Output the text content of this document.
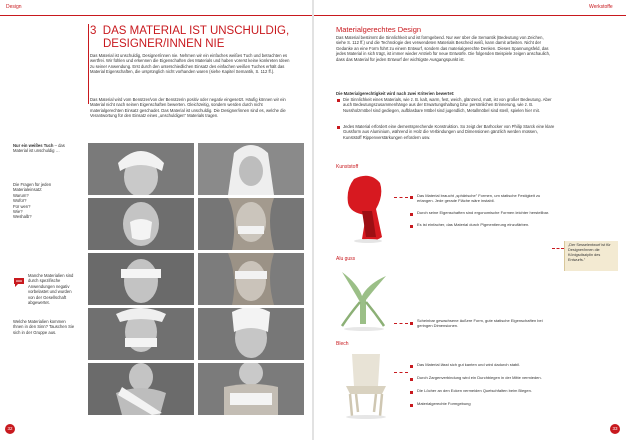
Design
3 DAS MATERIAL IST UNSCHULDIG,
DESIGNER/INNEN NIE
Das Material ist unschuldig, Designer/innen nie. Nehmen wir ein einfaches weißes Tuch und betrachten es wertfrei. Wir fühlen und erkennen die Eigenschaften des Materials und haben vorerst keine konkreten Ideen zu seiner Anwendung. Erst durch den unterschiedlichen Einsatz des einfachen weißen Tuches erhält das Material Eigenschaften, die ursprünglich nicht vorhanden waren (siehe Kapitel Semantik, S. 112 ff.).
Das Material wird vom Benützer/von der Benützerin positiv oder negativ eingesetzt. Häufig können wir ein Material nicht nach seinen Eigenschaften bewerten. Gleichzeitig, sondern werden durch nicht materialgerechten Einsatz geschadet. Das Material ist unschuldig. Die Designer/innen sind es, welche die Verantwortung für den Einsatz eines „unschuldigen" Materials tragen.
Nur ein weißes Tuch – das Material ist unschuldig …
Die Fragen für jeden
Materialeinsatz:
Warum?
Wofür?
Für wen?
Wie?
Weshalb?
Manche Materialien sind durch spezifische Anwendungen negativ vorbelastet und wurden von der Gesellschaft abgewertet.
Welche Materialien kommen Ihnen in den Sinn? Tauschen Sie sich in der Gruppe aus.
32
Werkstoffe
Materialgerechtes Design
Das Material bestimmt die Sinnlichkeit und ist formgebend. Nur wer über die Semantik (Bedeutung von Zeichen, siehe S. 112 ff.) und die Technologie des verwendeten Materials Bescheid weiß, kann damit arbeiten. Nicht der Gedanke an eine Form führt zu einem Entwurf, sondern das materialgerechte Denken. Dieses Spannungsfeld, das jedes Material in sich trägt, ist immer wieder Antrieb für neue Entwürfe. Die folgenden Beispiele zeigen anschaulich, dass das Material für jeden Entwurf der wichtigste Ausgangspunkt ist.
Die Materialgerechtigkeit wird nach zwei Kriterien bewertet:
Die Sinnlichkeit eines Materials, wie z. B. kalt, warm, fest, weich, glänzend, matt, ist von großer Bedeutung. Aber auch Bedeutungszusammenhänge aus der Erwartungshaltung bzw. persönlichen Erinnerung, wie z. B. Nussholzmöbel sind gediegen, aufblasbare Möbel sind jugendlich, Metallmöbel sind steril, spielen hier mit.
Jedes Material erfordert eine dementsprechende Konstruktion. So zeigt der Barhocker von Philip Starck eine klare Gussform aus Aluminium, während in Holz die Verbindungen und Dimensionen gänzlich werden müssen, Kunststoff Rippenverstärkungen erfordern usw.
Kunststoff
Das Material braucht „sphärische" Formen, um statische Festigkeit zu erlangen. Jede gerade Fläche wäre instabil.
Durch seine Eigenschaften sind ergonomische Formen leichter herstellbar.
Es ist einfacher, das Material durch Pigmentierung einzufärben.
Alu guss
Scheinbar gewachsene äußere Form, gute statische Eigenschaften bei geringen Dimensionen.
Blech
Das Material lässt sich gut kanten und wird dadurch stabil.
Durch Zargenverbindung wird ein Durchbiegen in der Mitte vermieden.
Die Löcher an den Ecken vermeiden Quetschfalten beim Biegen.
Materialgerechte Formgebung
33
„Der Sesselentwurf ist für Designer/innen die Königsdisziplin des Entwurfs."
